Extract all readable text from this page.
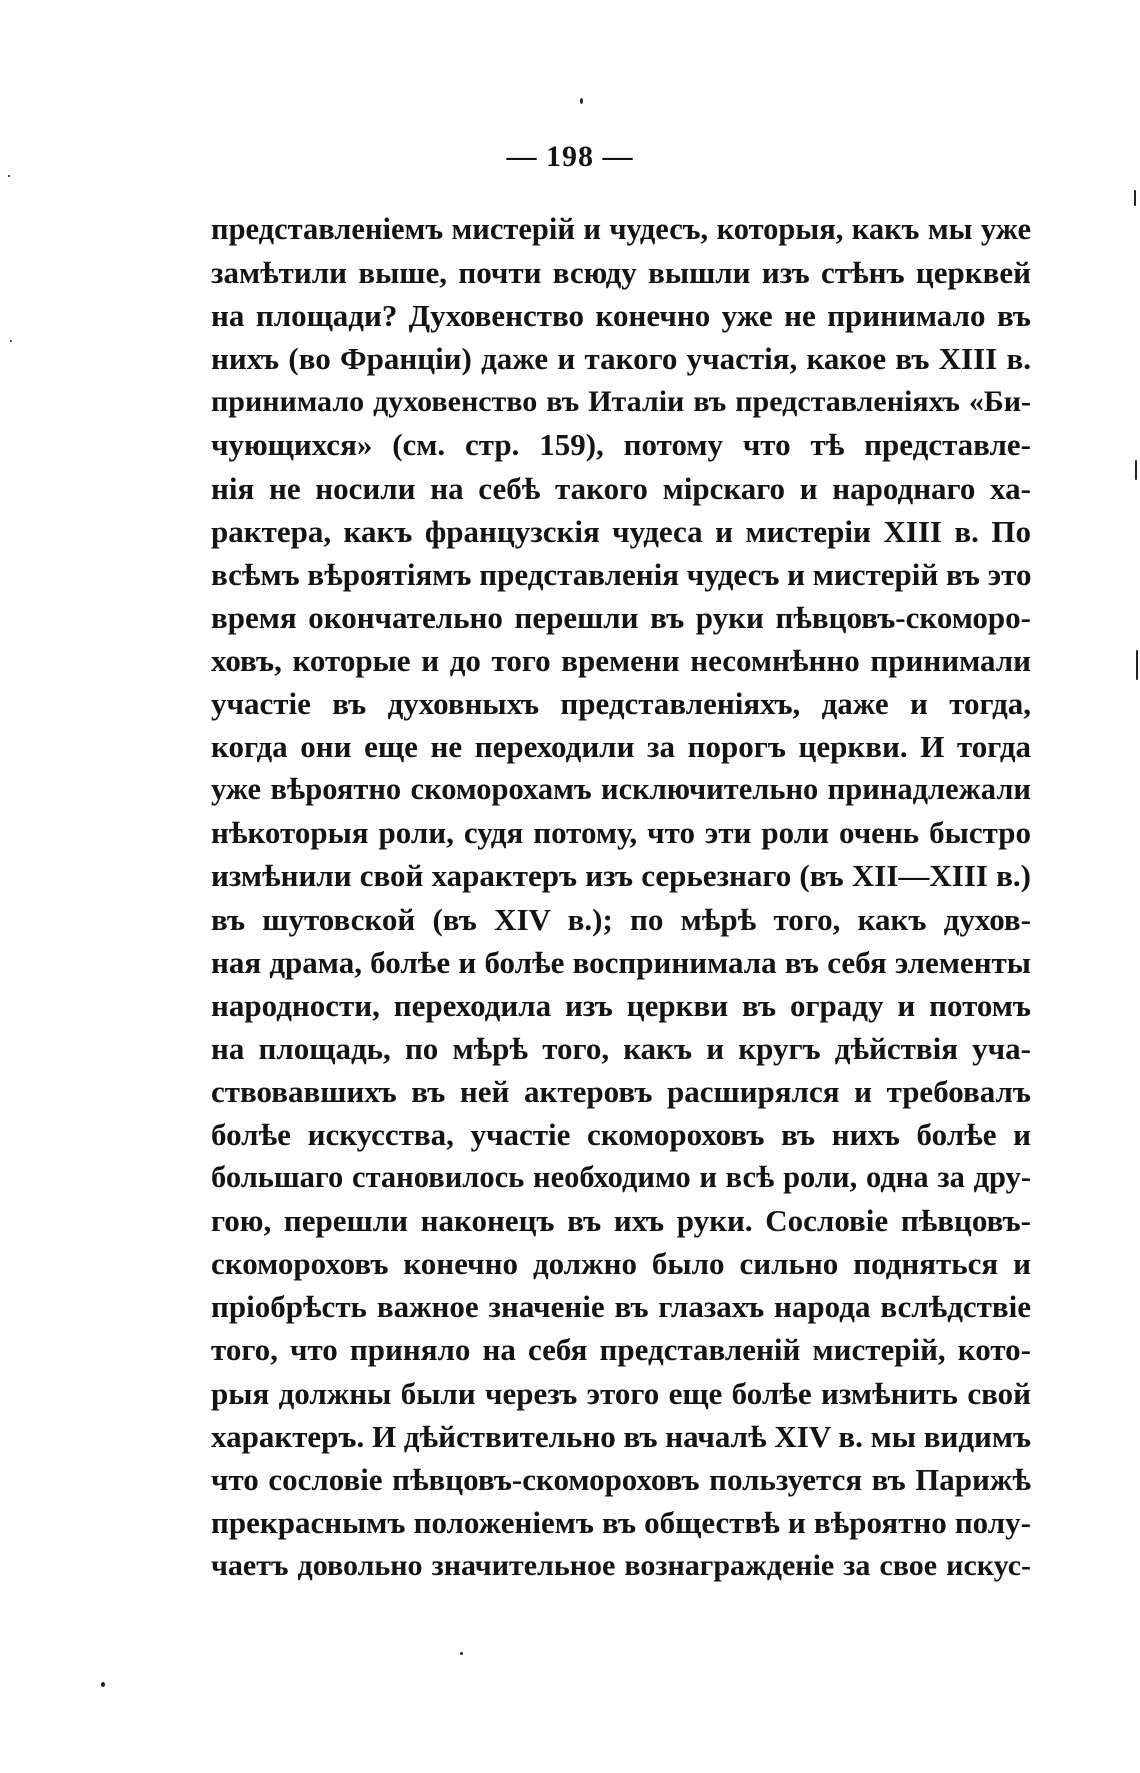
— 198 —
представленіемъ мистерій и чудесъ, которыя, какъ мы уже
замѣтили выше, почти всюду вышли изъ стѣнъ церквей
на площади? Духовенство конечно уже не принимало въ
нихъ (во Франціи) даже и такого участія, какое въ XIII в.
принимало духовенство въ Италіи въ представленіяхъ «Би-
чующихся» (см. стр. 159), потому что тѣ представле-
нія не носили на себѣ такого мірскаго и народнаго ха-
рактера, какъ французскія чудеса и мистеріи XIII в. По
всѣмъ вѣроятіямъ представленія чудесъ и мистерій въ это
время окончательно перешли въ руки пѣвцовъ-скоморо-
ховъ, которые и до того времени несомнѣнно принимали
участіе въ духовныхъ представленіяхъ, даже и тогда,
когда они еще не переходили за порогъ церкви. И тогда
уже вѣроятно скоморохамъ исключительно принадлежали
нѣкоторыя роли, судя потому, что эти роли очень быстро
измѣнили свой характеръ изъ серьезнаго (въ XII—XIII в.)
въ шутовской (въ XIV в.); по мѣрѣ того, какъ духов-
ная драма, болѣе и болѣе воспринимала въ себя элементы
народности, переходила изъ церкви въ ограду и потомъ
на площадь, по мѣрѣ того, какъ и кругъ дѣйствія уча-
ствовавшихъ въ ней актеровъ расширялся и требовалъ
болѣе искусства, участіе скомороховъ въ нихъ болѣе и
большаго становилось необходимо и всѣ роли, одна за дру-
гою, перешли наконецъ въ ихъ руки. Сословіе пѣвцовъ-
скомороховъ конечно должно было сильно подняться и
пріобрѣсть важное значеніе въ глазахъ народа вслѣдствіе
того, что приняло на себя представленій мистерій, кото-
рыя должны были черезъ этого еще болѣе измѣнить свой
характеръ. И дѣйствительно въ началѣ XIV в. мы видимъ
что сословіе пѣвцовъ-скомороховъ пользуется въ Парижѣ
прекраснымъ положеніемъ въ обществѣ и вѣроятно полу-
чаетъ довольно значительное вознагражденіе за свое искус-
